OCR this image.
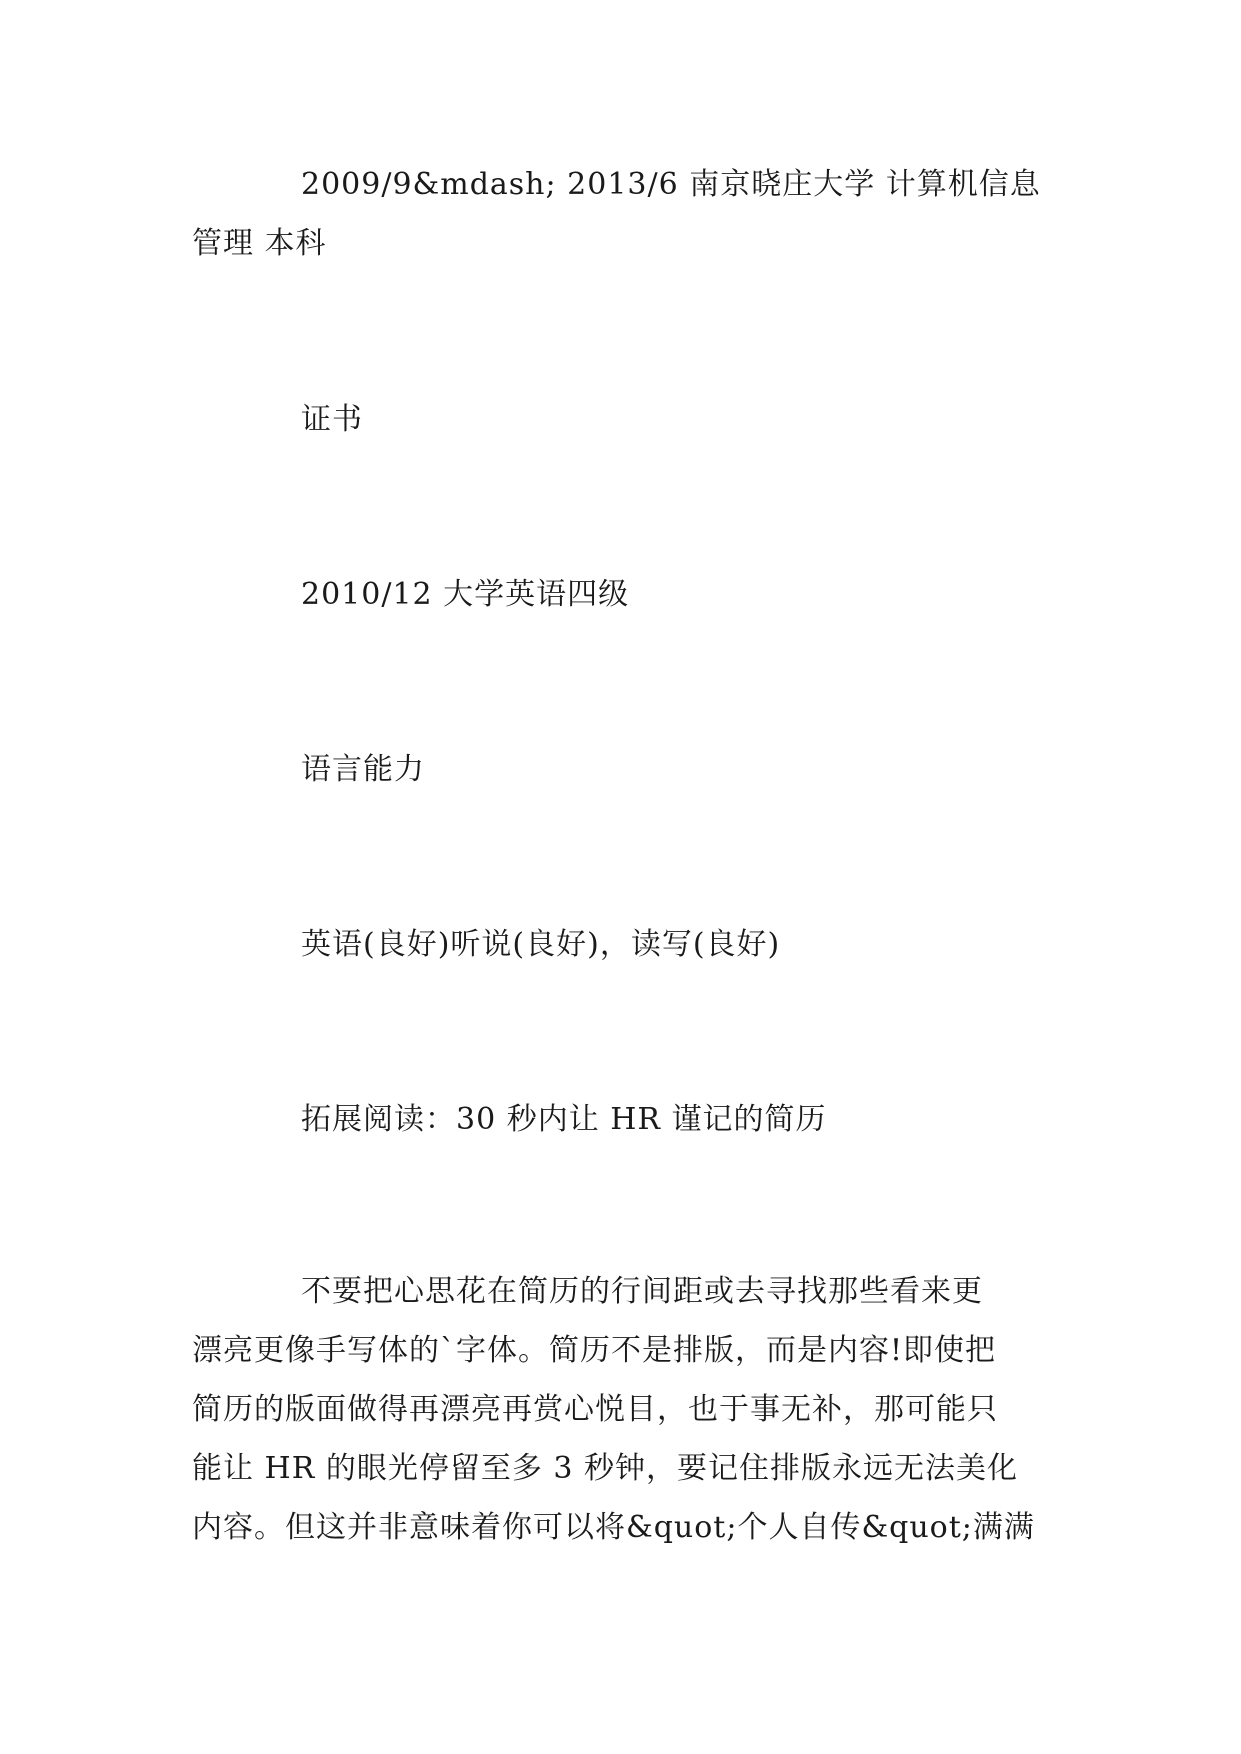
2009/9&mdash; 2013/6 南京晓庄大学 计算机信息
管理 本科
证书
2010/12 大学英语四级
语言能力
英语(良好)听说(良好)，读写(良好)
拓展阅读：30 秒内让 HR 谨记的简历
不要把心思花在简历的行间距或去寻找那些看来更
漂亮更像手写体的`字体。简历不是排版，而是内容!即使把
简历的版面做得再漂亮再赏心悦目，也于事无补，那可能只
能让 HR 的眼光停留至多 3 秒钟，要记住排版永远无法美化
内容。但这并非意味着你可以将&quot;个人自传&quot;满满
